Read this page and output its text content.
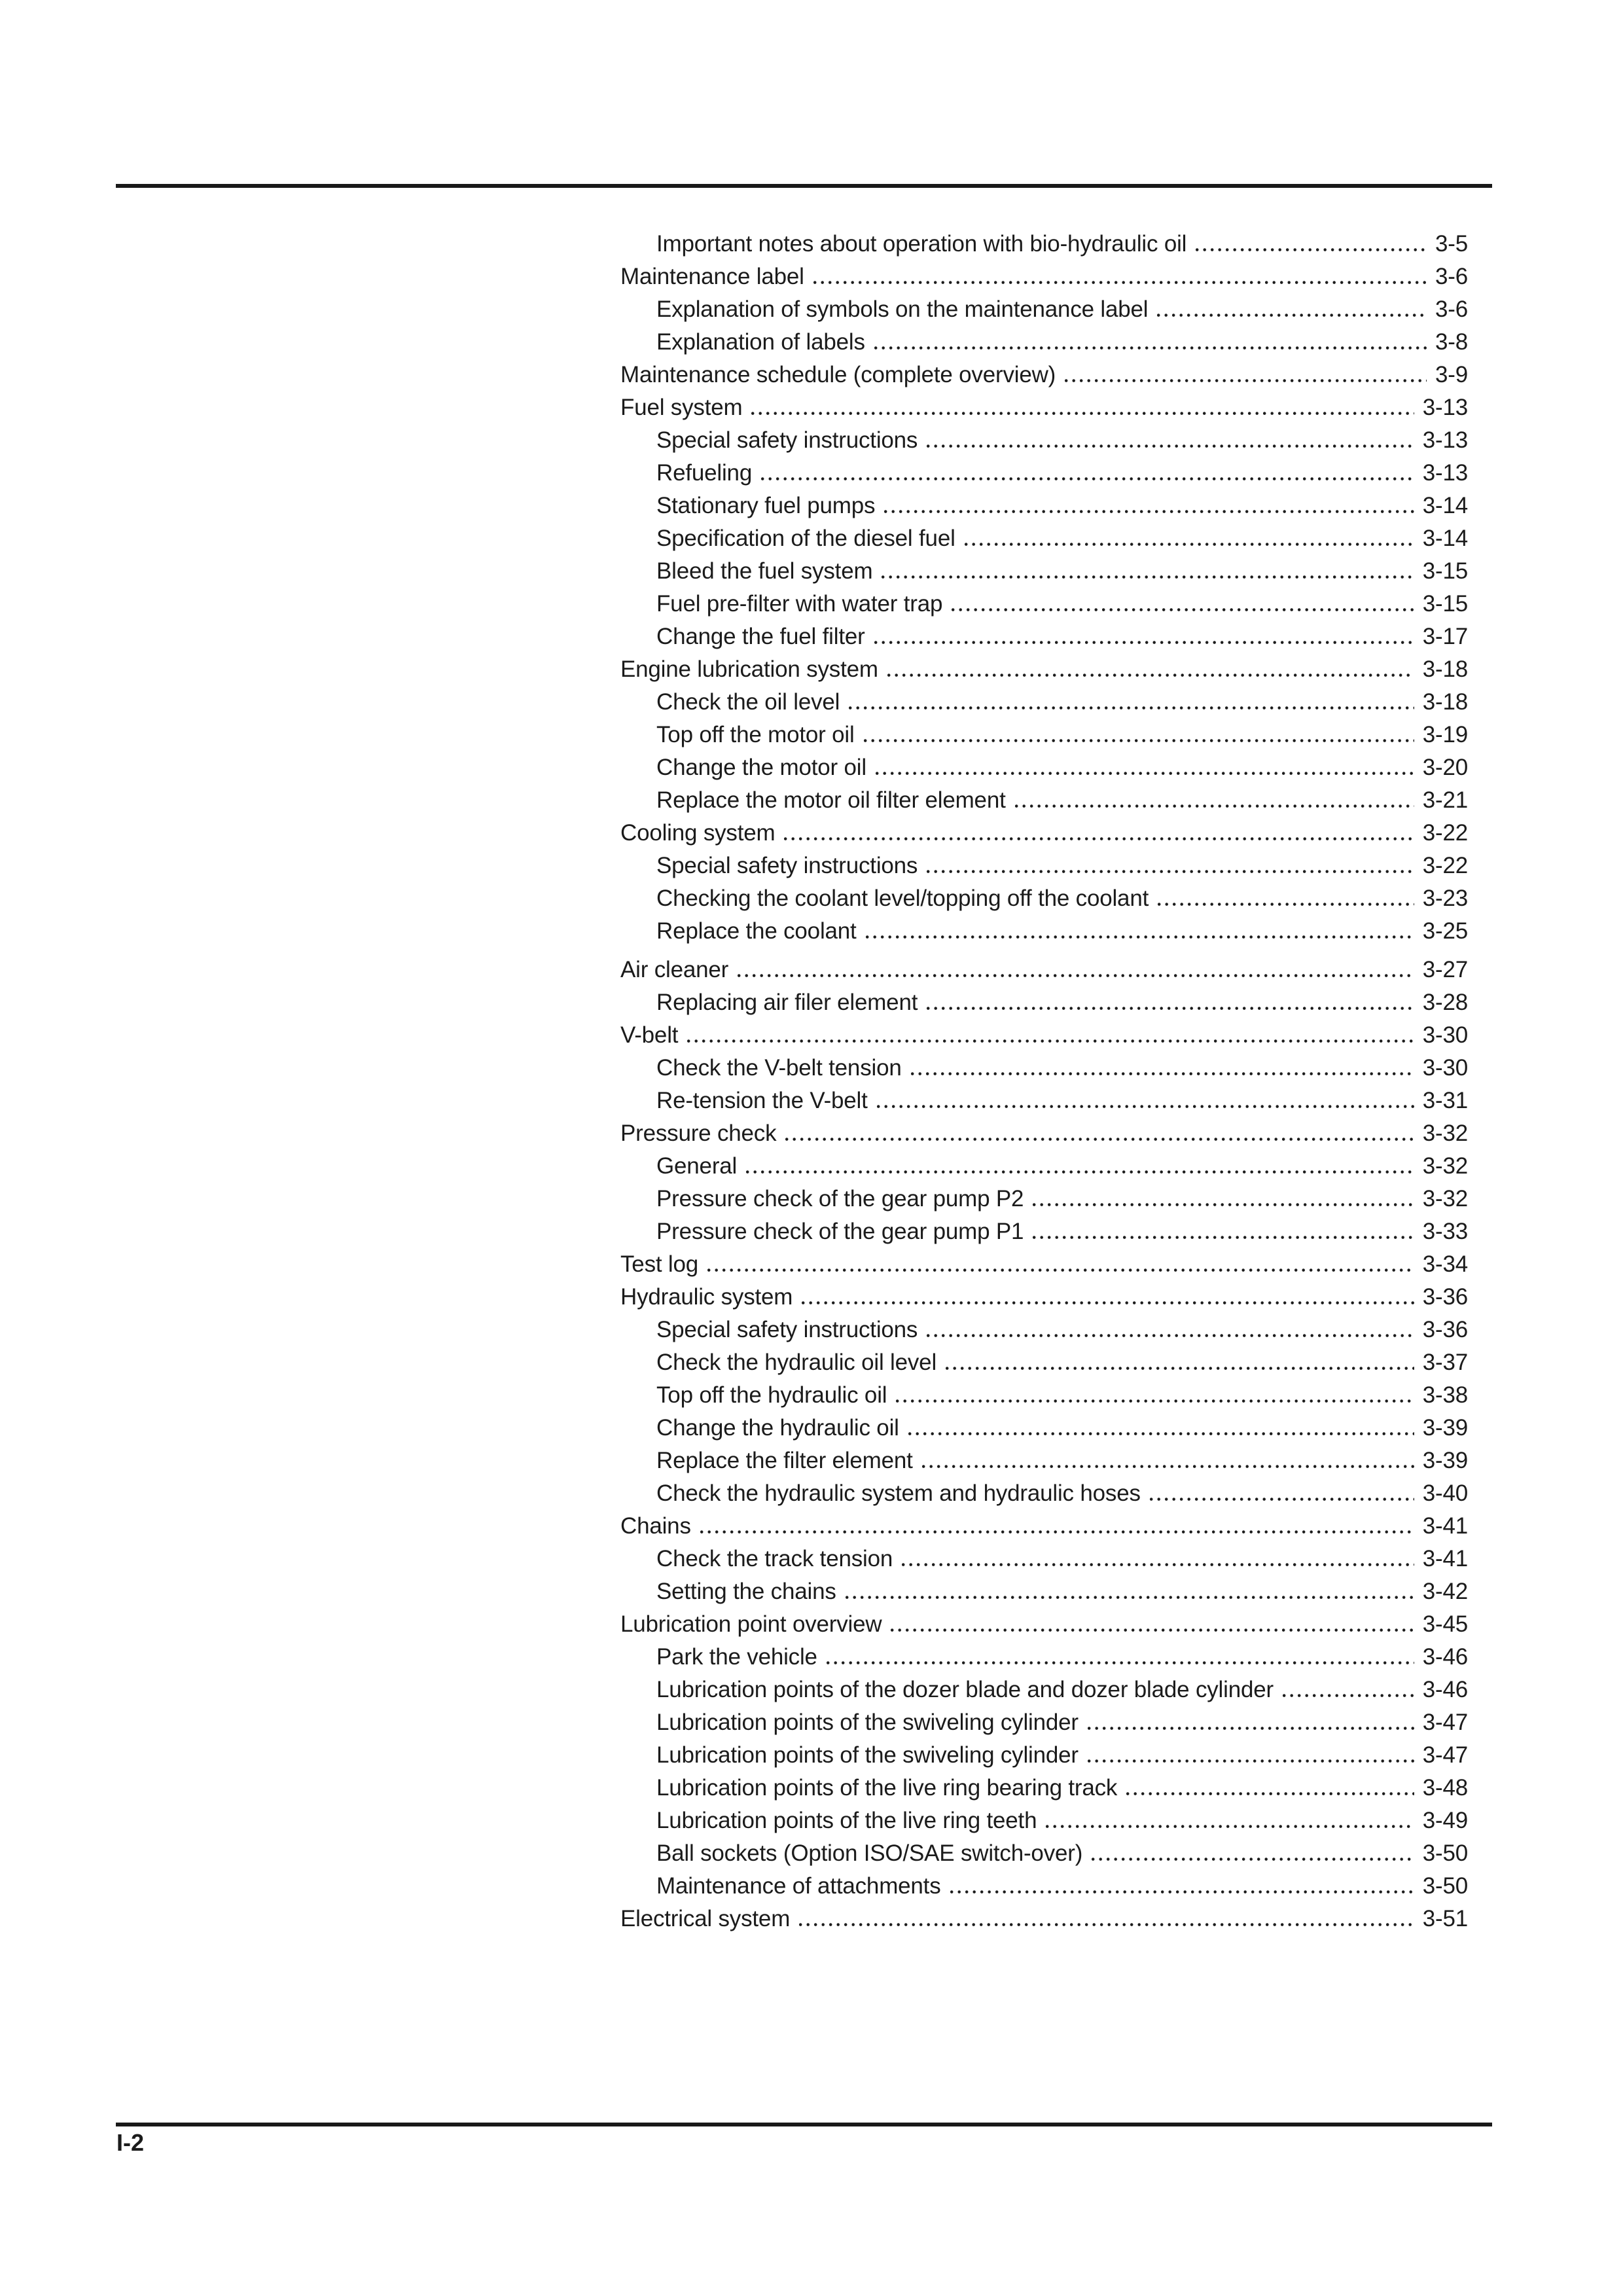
Important notes about operation with bio-hydraulic oil	3-5
Maintenance label	3-6
Explanation of symbols on the maintenance label	3-6
Explanation of labels	3-8
Maintenance schedule (complete overview)	3-9
Fuel system	3-13
Special safety instructions	3-13
Refueling	3-13
Stationary fuel pumps	3-14
Specification of the diesel fuel	3-14
Bleed the fuel system	3-15
Fuel pre-filter with water trap	3-15
Change the fuel filter	3-17
Engine lubrication system	3-18
Check the oil level	3-18
Top off the motor oil	3-19
Change the motor oil	3-20
Replace the motor oil filter element	3-21
Cooling system	3-22
Special safety instructions	3-22
Checking the coolant level/topping off the coolant	3-23
Replace the coolant	3-25
Air cleaner	3-27
Replacing air filer element	3-28
V-belt	3-30
Check the V-belt tension	3-30
Re-tension the V-belt	3-31
Pressure check	3-32
General	3-32
Pressure check of the gear pump P2	3-32
Pressure check of the gear pump P1	3-33
Test log	3-34
Hydraulic system	3-36
Special safety instructions	3-36
Check the hydraulic oil level	3-37
Top off the hydraulic oil	3-38
Change the hydraulic oil	3-39
Replace the filter element	3-39
Check the hydraulic system and hydraulic hoses	3-40
Chains	3-41
Check the track tension	3-41
Setting the chains	3-42
Lubrication point overview	3-45
Park the vehicle	3-46
Lubrication points of the dozer blade and dozer blade cylinder	3-46
Lubrication points of the swiveling cylinder	3-47
Lubrication points of the swiveling cylinder	3-47
Lubrication points of the live ring bearing track	3-48
Lubrication points of the live ring teeth	3-49
Ball sockets (Option ISO/SAE switch-over)	3-50
Maintenance of attachments	3-50
Electrical system	3-51
I-2
